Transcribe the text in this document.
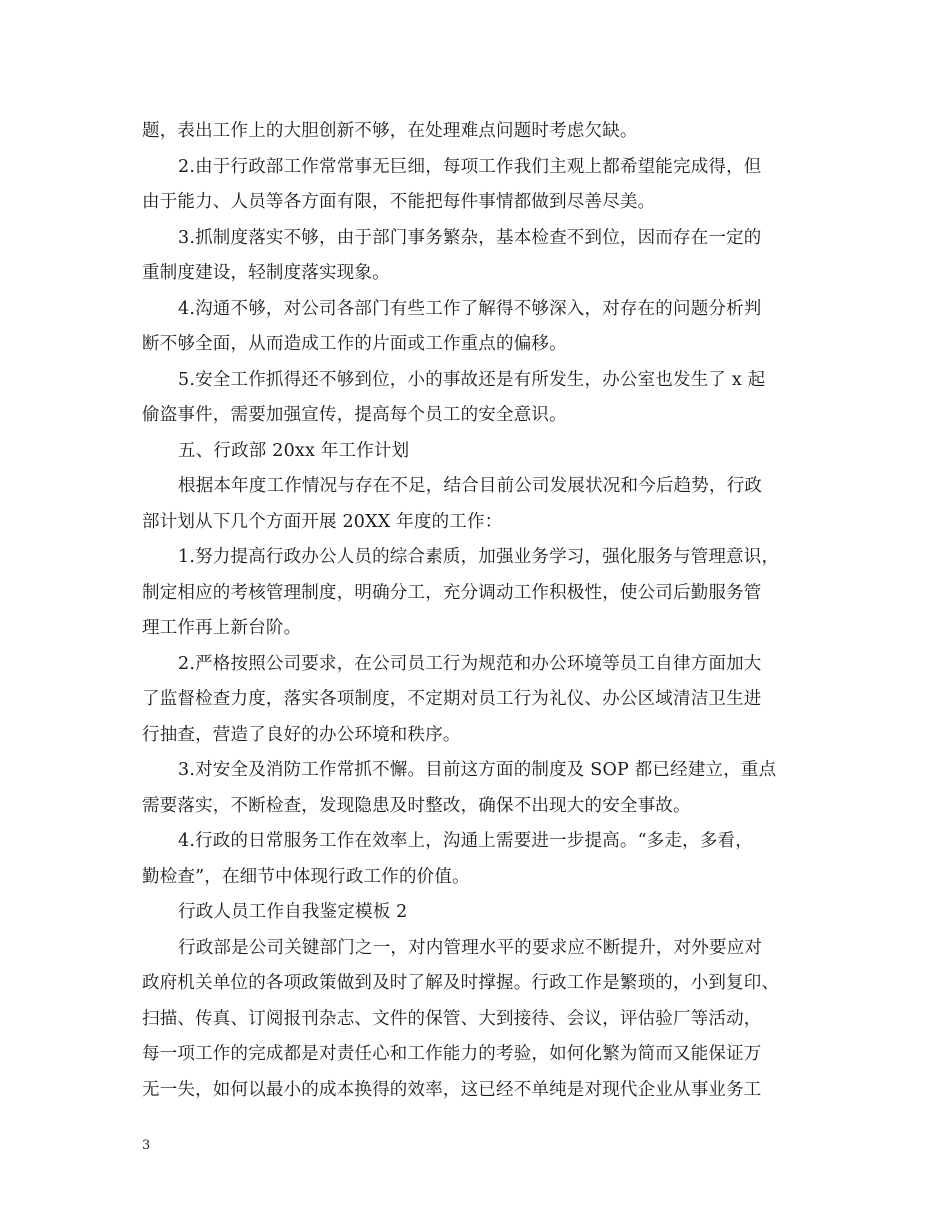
题，表出工作上的大胆创新不够，在处理难点问题时考虑欠缺。
2.由于行政部工作常常事无巨细，每项工作我们主观上都希望能完成得，但
由于能力、人员等各方面有限，不能把每件事情都做到尽善尽美。
3.抓制度落实不够，由于部门事务繁杂，基本检查不到位，因而存在一定的
重制度建设，轻制度落实现象。
4.沟通不够，对公司各部门有些工作了解得不够深入，对存在的问题分析判
断不够全面，从而造成工作的片面或工作重点的偏移。
5.安全工作抓得还不够到位，小的事故还是有所发生，办公室也发生了 x 起
偷盗事件，需要加强宣传，提高每个员工的安全意识。
五、行政部 20xx 年工作计划
根据本年度工作情况与存在不足，结合目前公司发展状况和今后趋势，行政
部计划从下几个方面开展 20XX 年度的工作：
1.努力提高行政办公人员的综合素质，加强业务学习，强化服务与管理意识，
制定相应的考核管理制度，明确分工，充分调动工作积极性，使公司后勤服务管
理工作再上新台阶。
2.严格按照公司要求，在公司员工行为规范和办公环境等员工自律方面加大
了监督检查力度，落实各项制度，不定期对员工行为礼仪、办公区域清洁卫生进
行抽查，营造了良好的办公环境和秩序。
3.对安全及消防工作常抓不懈。目前这方面的制度及 SOP 都已经建立，重点
需要落实，不断检查，发现隐患及时整改，确保不出现大的安全事故。
4.行政的日常服务工作在效率上，沟通上需要进一步提高。“多走，多看，
勤检查”，在细节中体现行政工作的价值。
行政人员工作自我鉴定模板 2
行政部是公司关键部门之一，对内管理水平的要求应不断提升，对外要应对
政府机关单位的各项政策做到及时了解及时撑握。行政工作是繁琐的，小到复印、
扫描、传真、订阅报刊杂志、文件的保管、大到接待、会议，评估验厂等活动，
每一项工作的完成都是对责任心和工作能力的考验，如何化繁为简而又能保证万
无一失，如何以最小的成本换得的效率，这已经不单纯是对现代企业从事业务工
3
